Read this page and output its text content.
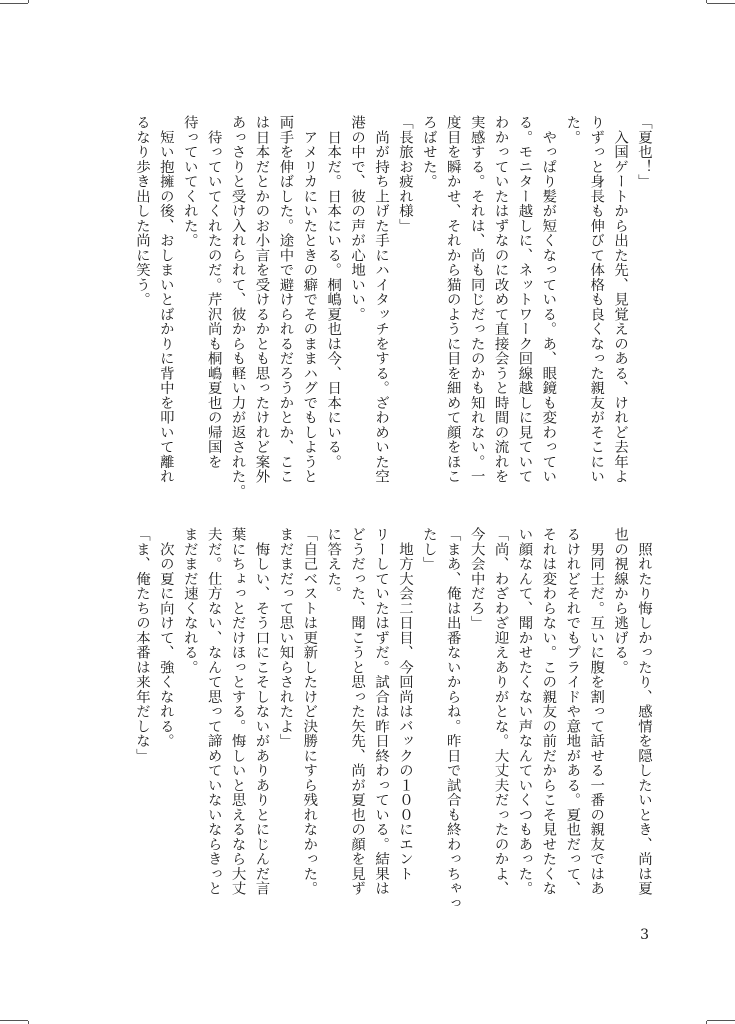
「夏也！」

　入国ゲートから出た先、見覚えのある、けれど去年よ

りずっと身長も伸びて体格も良くなった親友がそこにい

た。

　やっぱり髪が短くなっている。あ、眼鏡も変わってい

る。モニター越しに、ネットワーク回線越しに見ていて

わかっていたはずなのに改めて直接会うと時間の流れを

実感する。それは、尚も同じだったのかも知れない。一

度目を瞬かせ、それから猫のように目を細めて顔をほこ

ろばせた。

「長旅お疲れ様」

　尚が持ち上げた手にハイタッチをする。ざわめいた空

港の中で、彼の声が心地いい。

　日本だ。日本にいる。桐嶋夏也は今、日本にいる。

　アメリカにいたときの癖でそのままハグでもしようと

両手を伸ばした。途中で避けられるだろうかとか、ここ

は日本だとかのお小言を受けるかとも思ったけれど案外

あっさりと受け入れられて、彼からも軽い力が返された。

　待っていてくれたのだ。芹沢尚も桐嶋夏也の帰国を

待っていてくれた。

　短い抱擁の後、おしまいとばかりに背中を叩いて離れ

るなり歩き出した尚に笑う。

　照れたり悔しかったり、感情を隠したいとき、尚は夏

也の視線から逃げる。

　男同士だ。互いに腹を割って話せる一番の親友ではあ

るけれどそれでもプライドや意地がある。夏也だって、

それは変わらない。この親友の前だからこそ見せたくな

い顔なんて、聞かせたくない声なんていくつもあった。

「尚、わざわざ迎えありがとな。大丈夫だったのかよ、

今大会中だろ」

「まあ、俺は出番ないからね。昨日で試合も終わっちゃっ

たし」

　地方大会二日目、今回尚はバックの１００にエント

リーしていたはずだ。試合は昨日終わっている。結果は

どうだった、聞こうと思った矢先、尚が夏也の顔を見ず

に答えた。

「自己ベストは更新したけど決勝にすら残れなかった。

まだまだって思い知らされたよ」

　悔しい、そう口にこそしないがありありとにじんだ言

葉にちょっとだけほっとする。悔しいと思えるなら大丈

夫だ。仕方ない、なんて思って諦めていないならきっと

まだまだ速くなれる。

　次の夏に向けて、強くなれる。

「ま、俺たちの本番は来年だしな」

3
